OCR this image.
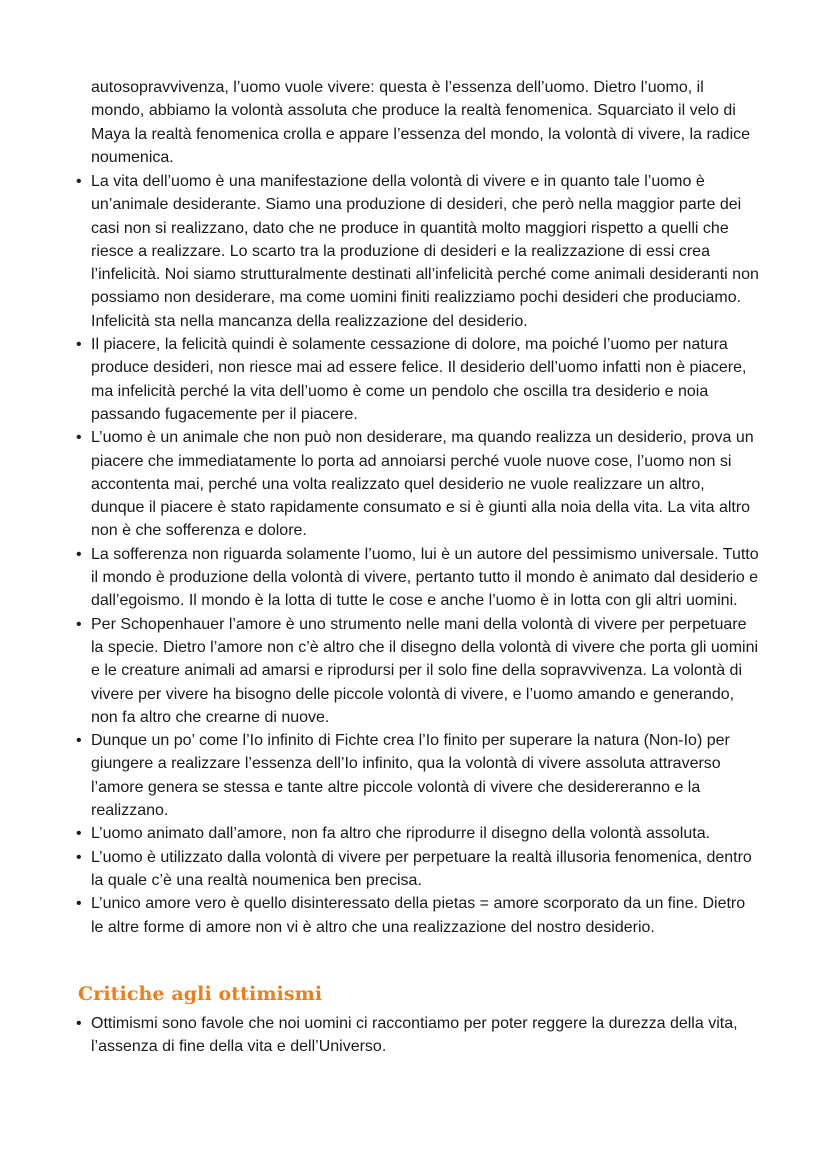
autosopravvivenza, l’uomo vuole vivere: questa è l’essenza dell’uomo. Dietro l’uomo, il mondo, abbiamo la volontà assoluta che produce la realtà fenomenica. Squarciato il velo di Maya la realtà fenomenica crolla e appare l’essenza del mondo, la volontà di vivere, la radice noumenica.

• La vita dell’uomo è una manifestazione della volontà di vivere e in quanto tale l’uomo è un’animale desiderante. Siamo una produzione di desideri, che però nella maggior parte dei casi non si realizzano, dato che ne produce in quantità molto maggiori rispetto a quelli che riesce a realizzare. Lo scarto tra la produzione di desideri e la realizzazione di essi crea l’infelicità. Noi siamo strutturalmente destinati all’infelicità perché come animali desideranti non possiamo non desiderare, ma come uomini finiti realizziamo pochi desideri che produciamo. Infelicità sta nella mancanza della realizzazione del desiderio.
• Il piacere, la felicità quindi è solamente cessazione di dolore, ma poiché l’uomo per natura produce desideri, non riesce mai ad essere felice. Il desiderio dell’uomo infatti non è piacere, ma infelicità perché la vita dell’uomo è come un pendolo che oscilla tra desiderio e noia passando fugacemente per il piacere.
• L’uomo è un animale che non può non desiderare, ma quando realizza un desiderio, prova un piacere che immediatamente lo porta ad annoiarsi perché vuole nuove cose, l’uomo non si accontenta mai, perché una volta realizzato quel desiderio ne vuole realizzare un altro, dunque il piacere è stato rapidamente consumato e si è giunti alla noia della vita. La vita altro non è che sofferenza e dolore.
• La sofferenza non riguarda solamente l’uomo, lui è un autore del pessimismo universale. Tutto il mondo è produzione della volontà di vivere, pertanto tutto il mondo è animato dal desiderio e dall’egoismo. Il mondo è la lotta di tutte le cose e anche l’uomo è in lotta con gli altri uomini.
• Per Schopenhauer l’amore è uno strumento nelle mani della volontà di vivere per perpetuare la specie. Dietro l’amore non c’è altro che il disegno della volontà di vivere che porta gli uomini e le creature animali ad amarsi e riprodursi per il solo fine della sopravvivenza. La volontà di vivere per vivere ha bisogno delle piccole volontà di vivere, e l’uomo amando e generando, non fa altro che crearne di nuove.
• Dunque un po’ come l’Io infinito di Fichte crea l’Io finito per superare la natura (Non-Io) per giungere a realizzare l’essenza dell’Io infinito, qua la volontà di vivere assoluta attraverso l’amore genera se stessa e tante altre piccole volontà di vivere che desidereranno e la realizzano.
• L’uomo animato dall’amore, non fa altro che riprodurre il disegno della volontà assoluta.
• L’uomo è utilizzato dalla volontà di vivere per perpetuare la realtà illusoria fenomenica, dentro la quale c’è una realtà noumenica ben precisa.
• L’unico amore vero è quello disinteressato della pietas = amore scorporato da un fine. Dietro le altre forme di amore non vi è altro che una realizzazione del nostro desiderio.
Critiche agli ottimismi
• Ottimismi sono favole che noi uomini ci raccontiamo per poter reggere la durezza della vita, l’assenza di fine della vita e dell’Universo.
